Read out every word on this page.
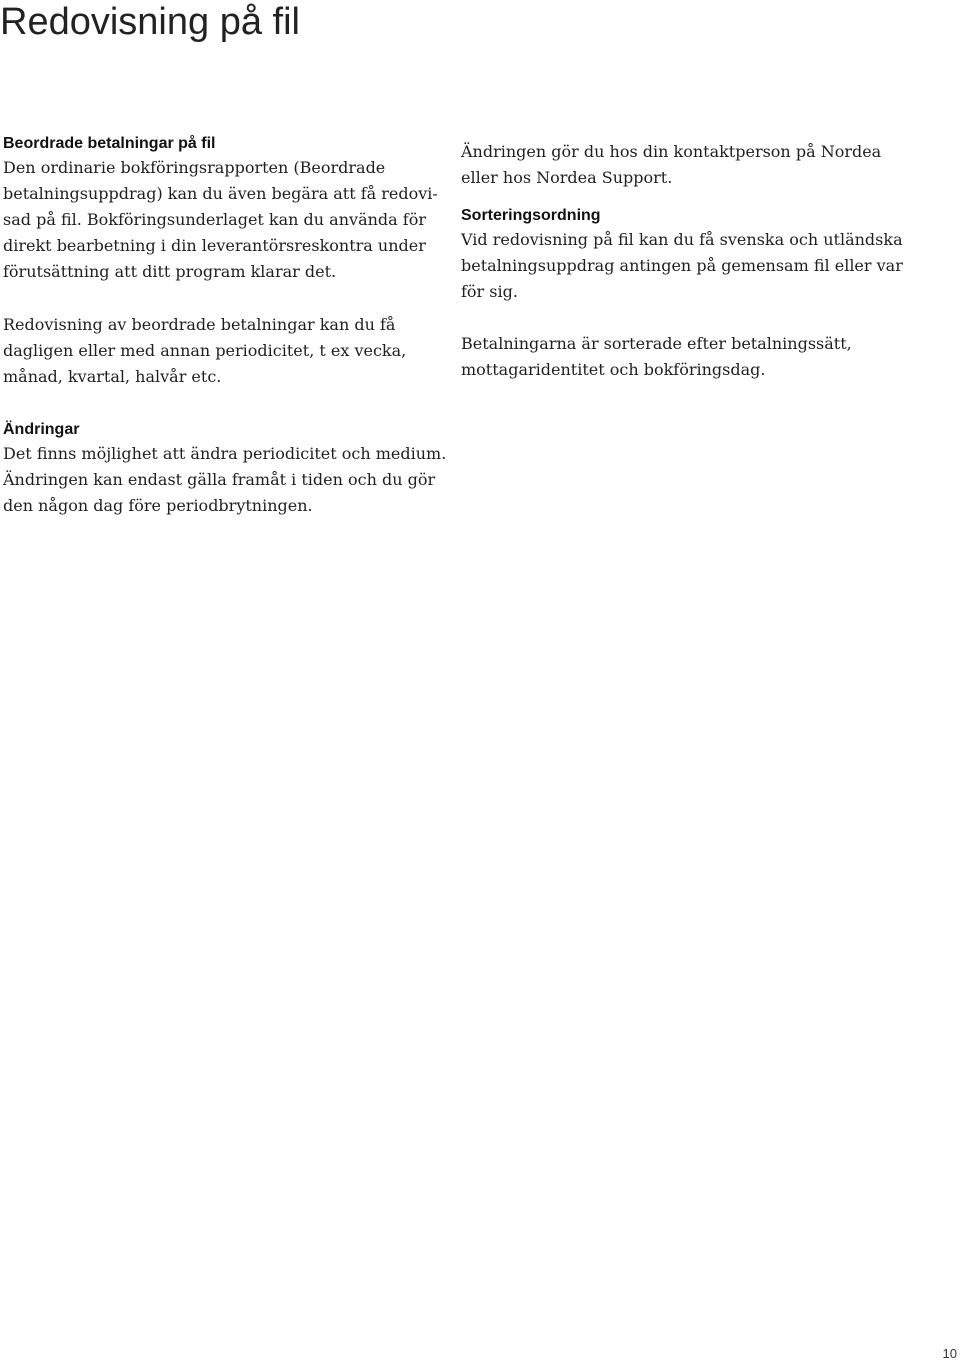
Redovisning på fil

Beordrade betalningar på fil
Den ordinarie bokföringsrapporten (Beordrade
betalningsuppdrag) kan du även begära att få redovi-
sad på fil. Bokföringsunderlaget kan du använda för
direkt bearbetning i din leverantörsreskontra under
förutsättning att ditt program klarar det.

Redovisning av beordrade betalningar kan du få
dagligen eller med annan periodicitet, t ex vecka,
månad, kvartal, halvår etc.

Ändringar
Det finns möjlighet att ändra periodicitet och medium.
Ändringen kan endast gälla framåt i tiden och du gör
den någon dag före periodbrytningen.

Ändringen gör du hos din kontaktperson på Nordea
eller hos Nordea Support.

Sorteringsordning
Vid redovisning på fil kan du få svenska och utländska
betalningsuppdrag antingen på gemensam fil eller var
för sig.

Betalningarna är sorterade efter betalningssätt,
mottagaridentitet och bokföringsdag.

10
